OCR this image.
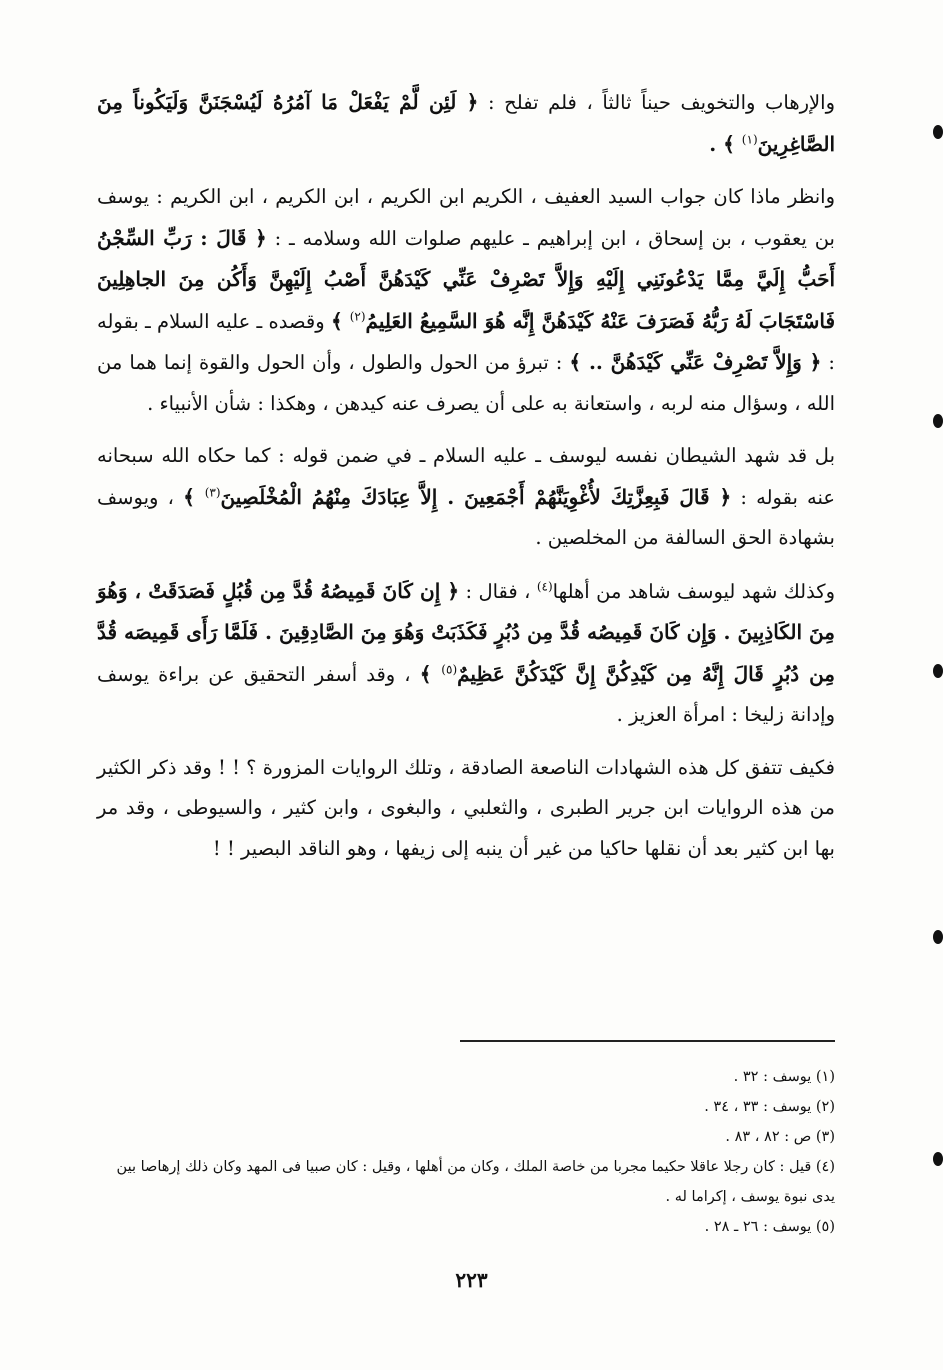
والإرهاب والتخويف حيناً ثالثاً ، فلم تفلح : ﴿ لَئِن لَّمْ يَفْعَلْ مَا آمُرُهُ لَيُسْجَنَنَّ وَلَيَكُوناً مِنَ الصَّاغِرِينَ$^{(١)}$ ﴾ .

وانظر ماذا كان جواب السيد العفيف ، الكريم ابن الكريم ، ابن الكريم ، ابن الكريم : يوسف بن يعقوب ، بن إسحاق ، ابن إبراهيم ـ عليهم صلوات الله وسلامه ـ : ﴿ قَالَ : رَبِّ السِّجْنُ أَحَبُّ إِلَيَّ مِمَّا يَدْعُونَنِي إِلَيْهِ وَإِلاَّ تَصْرِفْ عَنِّي كَيْدَهُنَّ أَصْبُ إِلَيْهِنَّ وَأَكُن مِنَ الجاهِلِينَ فَاسْتَجَابَ لَهُ رَبُّهُ فَصَرَفَ عَنْهُ كَيْدَهُنَّ إِنَّه هُوَ السَّمِيعُ العَلِيمُ$^{(٢)}$ ﴾ وقصده ـ عليه السلام ـ بقوله : ﴿ وَإِلاَّ تَصْرِفْ عَنِّي كَيْدَهُنَّ .. ﴾ : تبرؤ من الحول والطول ، وأن الحول والقوة إنما هما من الله ، وسؤال منه لربه ، واستعانة به على أن يصرف عنه كيدهن ، وهكذا : شأن الأنبياء .

بل قد شهد الشيطان نفسه ليوسف ـ عليه السلام ـ في ضمن قوله : كما حكاه الله سبحانه عنه بقوله : ﴿ قَالَ فَبِعِزَّتِكَ لأُغْوِيَنَّهُمْ أَجْمَعِينَ . إِلاَّ عِبَادَكَ مِنْهُمُ الْمُخْلَصِينَ$^{(٣)}$ ﴾ ، ويوسف بشهادة الحق السالفة من المخلصين .

وكذلك شهد ليوسف شاهد من أهلها$^{(٤)}$ ، فقال : ﴿ إِن كَانَ قَمِيصُهُ قُدَّ مِن قُبُلٍ فَصَدَقَتْ ، وَهُوَ مِنَ الكَاذِبِينَ . وَإِن كَانَ قَمِيصُه قُدَّ مِن دُبُرٍ فَكَذَبَتْ وَهُوَ مِنَ الصَّادِقِينَ . فَلَمَّا رَأَى قَمِيصَه قُدَّ مِن دُبُرٍ قَالَ إِنَّهُ مِن كَيْدِكُنَّ إِنَّ كَيْدَكُنَّ عَظِيمٌ$^{(٥)}$ ﴾ ، وقد أسفر التحقيق عن براءة يوسف وإدانة زليخا : امرأة العزيز .

فكيف تتفق كل هذه الشهادات الناصعة الصادقة ، وتلك الروايات المزورة ؟ ! ! وقد ذكر الكثير من هذه الروايات ابن جرير الطبرى ، والثعلبي ، والبغوى ، وابن كثير ، والسيوطى ، وقد مر بها ابن كثير بعد أن نقلها حاكيا من غير أن ينبه إلى زيفها ، وهو الناقد البصير ! !

(١) يوسف : ٣٢ .

(٢) يوسف : ٣٣ ، ٣٤ .

(٣) ص : ٨٢ ، ٨٣ .

(٤) قيل : كان رجلا عاقلا حكيما مجربا من خاصة الملك ، وكان من أهلها ، وقيل : كان صبيا فى المهد وكان ذلك إرهاصا بين يدى نبوة يوسف ، إكراما له .

(٥) يوسف : ٢٦ ـ ٢٨ .

٢٢٣
